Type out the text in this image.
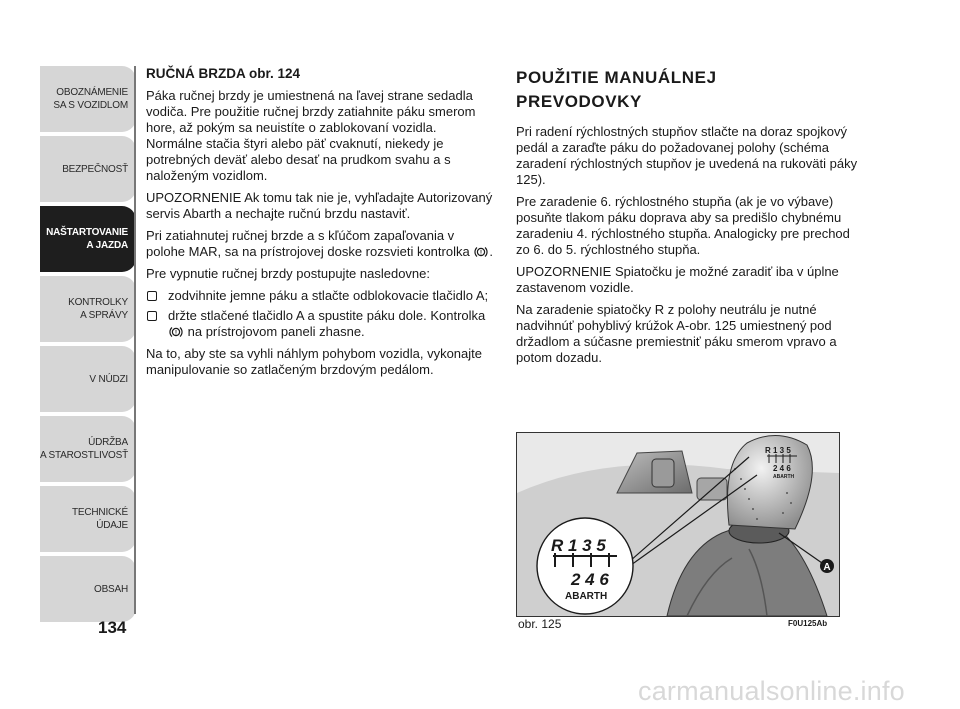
OBOZNÁMENIE
SA S VOZIDLOM
BEZPEČNOSŤ
NAŠTARTOVANIE
A JAZDA
KONTROLKY
A SPRÁVY
V NÚDZI
ÚDRŽBA
A STAROSTLIVOSŤ
TECHNICKÉ
ÚDAJE
OBSAH
134

RUČNÁ BRZDA obr. 124

Páka ručnej brzdy je umiestnená na ľavej strane sedadla vodiča. Pre použitie ručnej brzdy zatiahnite páku smerom hore, až pokým sa neuistíte o zablokovaní vozidla. Normálne stačia štyri alebo päť cvaknutí, niekedy je potrebných deväť alebo desať na prudkom svahu a s naloženým vozidlom.

UPOZORNENIE Ak tomu tak nie je, vyhľadajte Autorizovaný servis Abarth a nechajte ručnú brzdu nastaviť.

Pri zatiahnutej ručnej brzde a s kľúčom zapaľovania v polohe MAR, sa na prístrojovej doske rozsvieti kontrolka ! .

Pre vypnutie ručnej brzdy postupujte nasledovne:

zodvihnite jemne páku a stlačte odblokovacie tlačidlo A;
držte stlačené tlačidlo A a spustite páku dole. Kontrolka
! na prístrojovom paneli zhasne.

Na to, aby ste sa vyhli náhlym pohybom vozidla, vykonajte manipulovanie so zatlačeným brzdovým pedálom.

POUŽITIE MANUÁLNEJ
PREVODOVKY

Pri radení rýchlostných stupňov stlačte na doraz spojkový pedál a zaraďte páku do požadovanej polohy (schéma zaradení rýchlostných stupňov je uvedená na rukoväti páky 125).

Pre zaradenie 6. rýchlostného stupňa (ak je vo výbave) posuňte tlakom páku doprava aby sa predišlo chybnému zaradeniu 4. rýchlostného stupňa. Analogicky pre prechod zo 6. do 5. rýchlostného stupňa.

UPOZORNENIE Spiatočku je možné zaradiť iba v úplne zastavenom vozidle.

Na zaradenie spiatočky R z polohy neutrálu je nutné nadvihnúť pohyblivý krúžok A-obr. 125 umiestnený pod držadlom a súčasne premiestniť páku smerom vpravo a potom dozadu.

R 1 3 5
2 4 6
ABARTH
R 1 3 5
2 4 6
ABARTH
A
obr. 125	F0U125Ab
carmanualsonline.info
